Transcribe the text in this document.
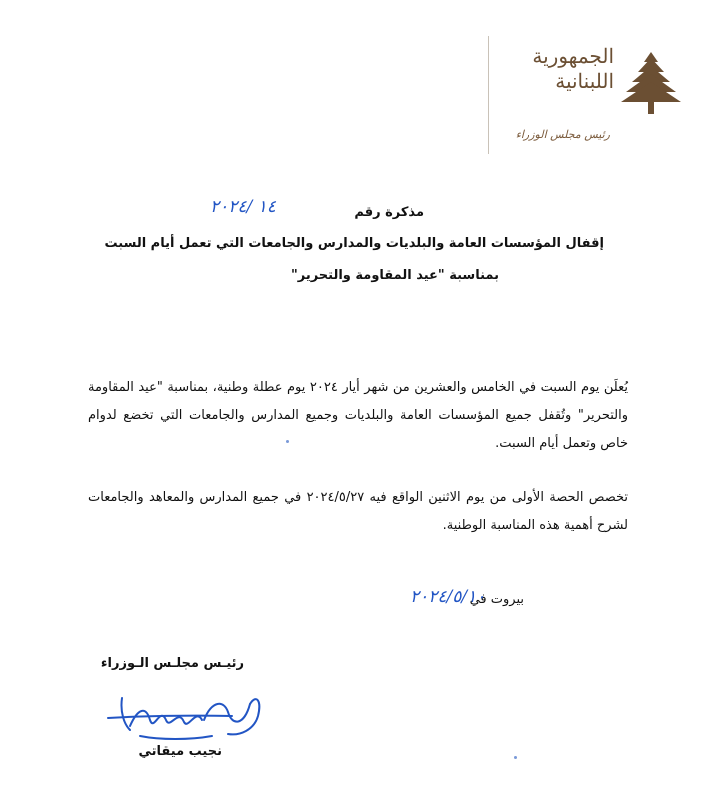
الجمهورية اللبنانية
رئيس مجلس الوزراء
مذكرة رقم
١٤ /٢٠٢٤
إقفال المؤسسات العامة والبلديات والمدارس والجامعات التي تعمل أيام السبت
بمناسبة "عيد المقاومة والتحرير"
يُعلَن يوم السبت في الخامس والعشرين من شهر أيار ٢٠٢٤ يوم عطلة وطنية، بمناسبة "عيد المقاومة والتحرير" وتُقفل جميع المؤسسات العامة والبلديات وجميع المدارس والجامعات التي تخضع لدوام خاص وتعمل أيام السبت.
تخصص الحصة الأولى من يوم الاثنين الواقع فيه ٢٠٢٤/٥/٢٧ في جميع المدارس والمعاهد والجامعات لشرح أهمية هذه المناسبة الوطنية.
بيروت في
٢٠٢٤/٥/١٠
رئيـس مجلـس الـوزراء
نجيب ميقاتي
